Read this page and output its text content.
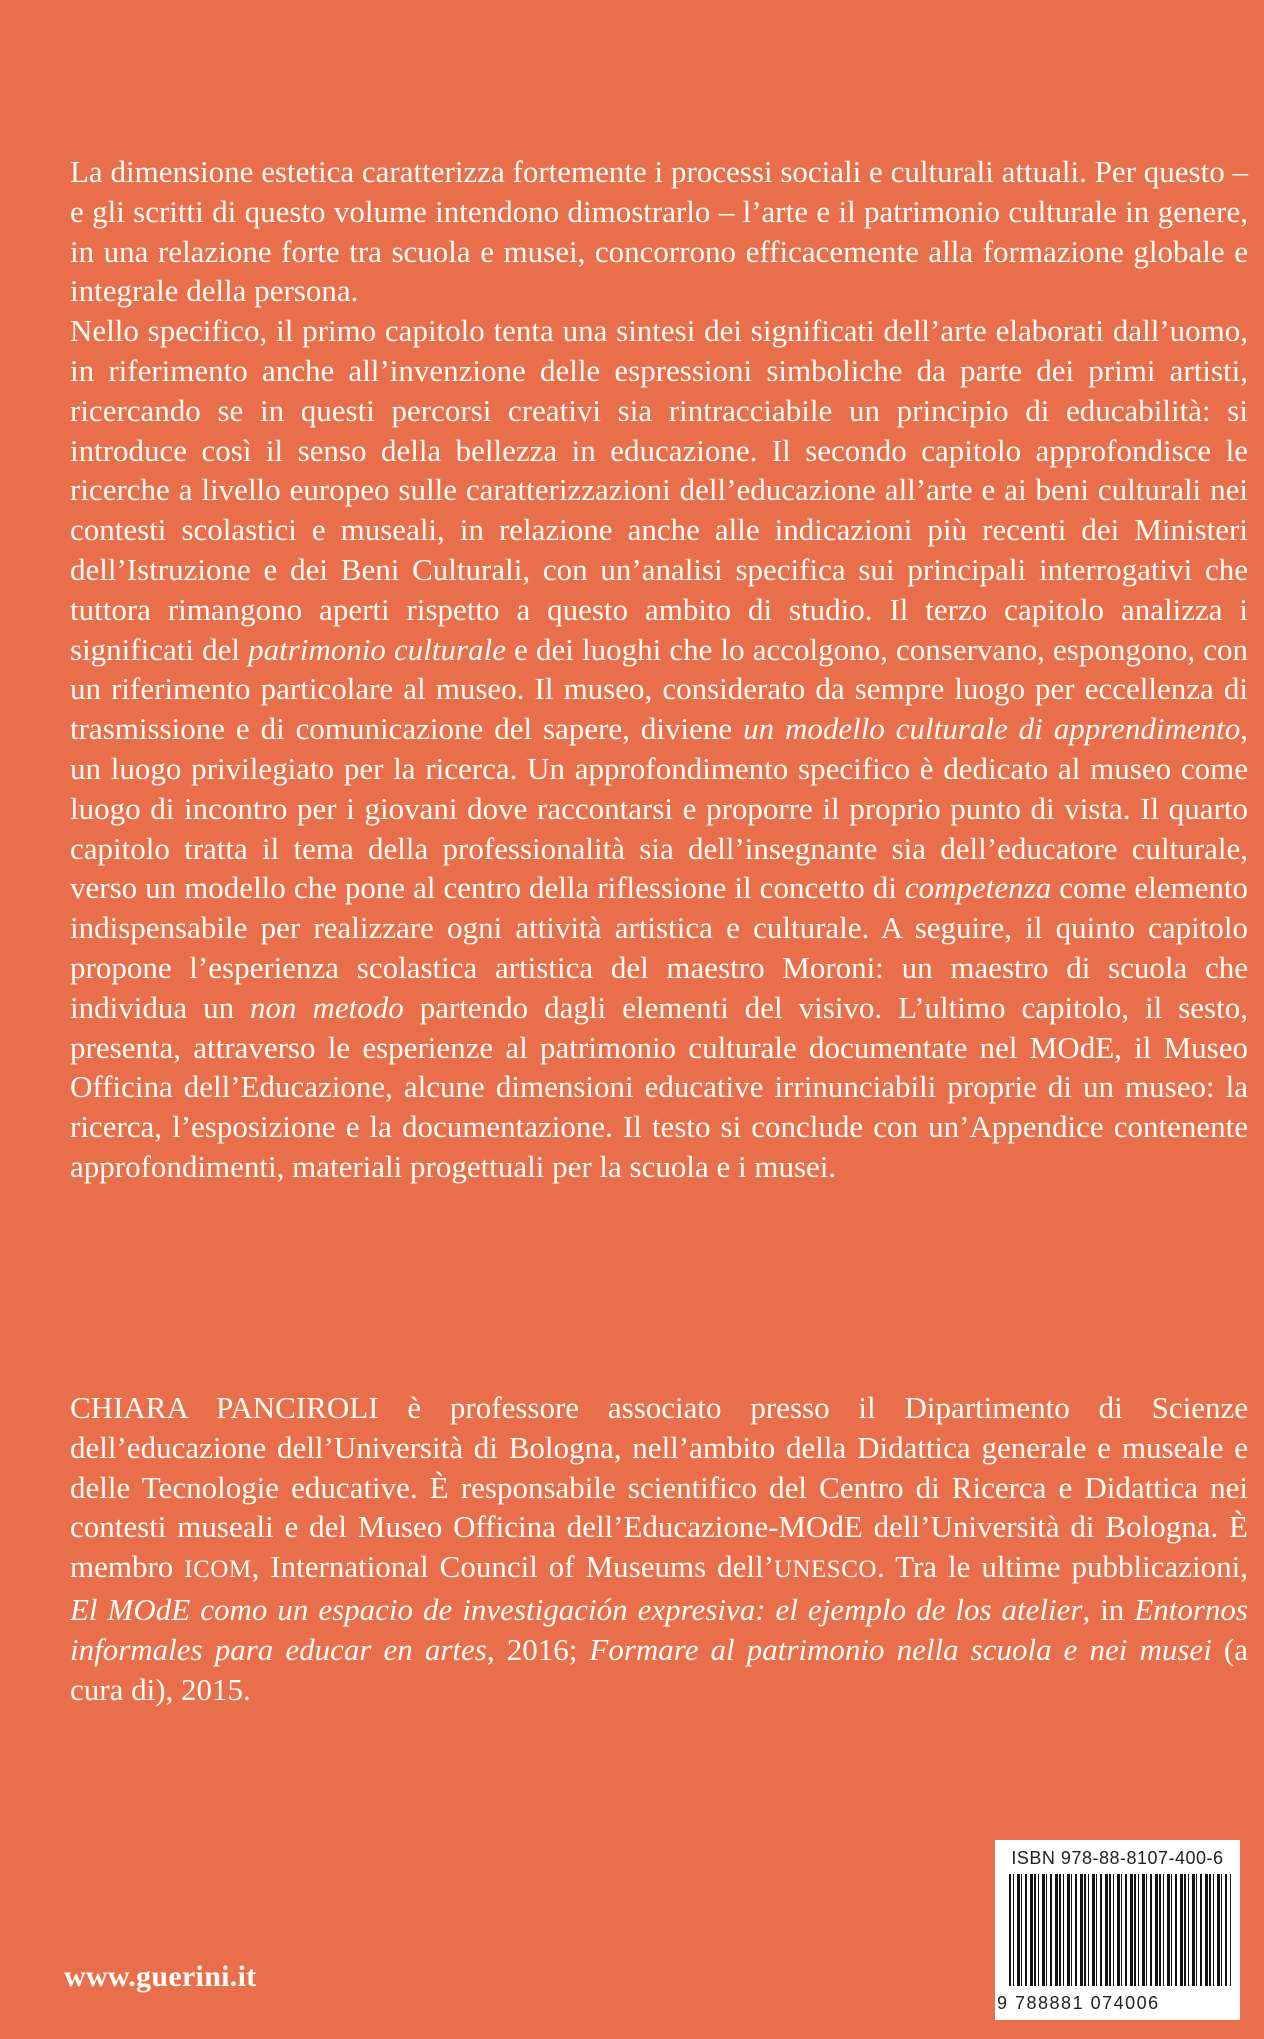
La dimensione estetica caratterizza fortemente i processi sociali e culturali attuali. Per questo – e gli scritti di questo volume intendono dimostrarlo – l’arte e il patrimonio culturale in genere, in una relazione forte tra scuola e musei, concorrono efficacemente alla formazione globale e integrale della persona.

Nello specifico, il primo capitolo tenta una sintesi dei significati dell’arte elaborati dall’uomo, in riferimento anche all’invenzione delle espressioni simboliche da parte dei primi artisti, ricercando se in questi percorsi creativi sia rintracciabile un principio di educabilità: si introduce così il senso della bellezza in educazione. Il secondo capitolo approfondisce le ricerche a livello europeo sulle caratterizzazioni dell’educazione all’arte e ai beni culturali nei contesti scolastici e museali, in relazione anche alle indicazioni più recenti dei Ministeri dell’Istruzione e dei Beni Culturali, con un’analisi specifica sui principali interrogativi che tuttora rimangono aperti rispetto a questo ambito di studio. Il terzo capitolo analizza i significati del patrimonio culturale e dei luoghi che lo accolgono, conservano, espongono, con un riferimento particolare al museo. Il museo, considerato da sempre luogo per eccellenza di trasmissione e di comunicazione del sapere, diviene un modello culturale di apprendimento, un luogo privilegiato per la ricerca. Un approfondimento specifico è dedicato al museo come luogo di incontro per i giovani dove raccontarsi e proporre il proprio punto di vista. Il quarto capitolo tratta il tema della professionalità sia dell’insegnante sia dell’educatore culturale, verso un modello che pone al centro della riflessione il concetto di competenza come elemento indispensabile per realizzare ogni attività artistica e culturale. A seguire, il quinto capitolo propone l’esperienza scolastica artistica del maestro Moroni: un maestro di scuola che individua un non metodo partendo dagli elementi del visivo. L’ultimo capitolo, il sesto, presenta, attraverso le esperienze al patrimonio culturale documentate nel MOdE, il Museo Officina dell’Educazione, alcune dimensioni educative irrinunciabili proprie di un museo: la ricerca, l’esposizione e la documentazione. Il testo si conclude con un’Appendice contenente approfondimenti, materiali progettuali per la scuola e i musei.

CHIARA PANCIROLI è professore associato presso il Dipartimento di Scienze dell’educazione dell’Università di Bologna, nell’ambito della Didattica generale e museale e delle Tecnologie educative. È responsabile scientifico del Centro di Ricerca e Didattica nei contesti museali e del Museo Officina dell’Educazione-MOdE dell’Università di Bologna. È membro ICOM, International Council of Museums dell’UNESCO. Tra le ultime pubblicazioni, El MOdE como un espacio de investigación expresiva: el ejemplo de los atelier, in Entornos informales para educar en artes, 2016; Formare al patrimonio nella scuola e nei musei (a cura di), 2015.

www.guerini.it
ISBN 978-88-8107-400-6
9 788881 074006
